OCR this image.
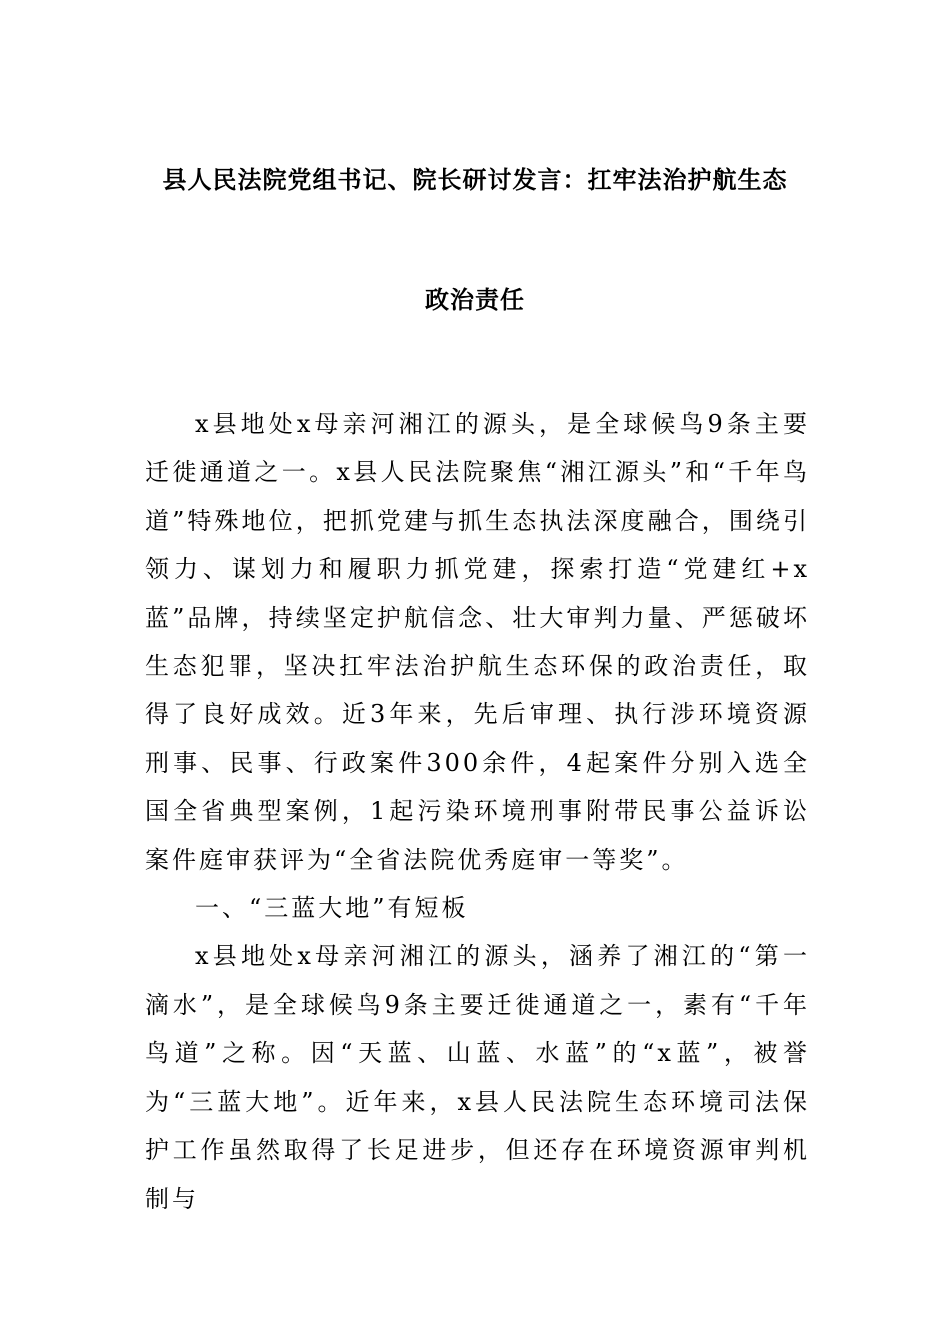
县人民法院党组书记、院长研讨发言：扛牢法治护航生态
政治责任

x县地处x母亲河湘江的源头，是全球候鸟9条主要迁徙通道之一。x县人民法院聚焦“湘江源头”和“千年鸟道”特殊地位，把抓党建与抓生态执法深度融合，围绕引领力、谋划力和履职力抓党建，探索打造“党建红+x蓝”品牌，持续坚定护航信念、壮大审判力量、严惩破坏生态犯罪，坚决扛牢法治护航生态环保的政治责任，取得了良好成效。近3年来，先后审理、执行涉环境资源刑事、民事、行政案件300余件，4起案件分别入选全国全省典型案例，1起污染环境刑事附带民事公益诉讼案件庭审获评为“全省法院优秀庭审一等奖”。

一、“三蓝大地”有短板

x县地处x母亲河湘江的源头，涵养了湘江的“第一滴水”，是全球候鸟9条主要迁徙通道之一，素有“千年鸟道”之称。因“天蓝、山蓝、水蓝”的“x蓝”，被誉为“三蓝大地”。近年来，x县人民法院生态环境司法保护工作虽然取得了长足进步，但还存在环境资源审判机制与
